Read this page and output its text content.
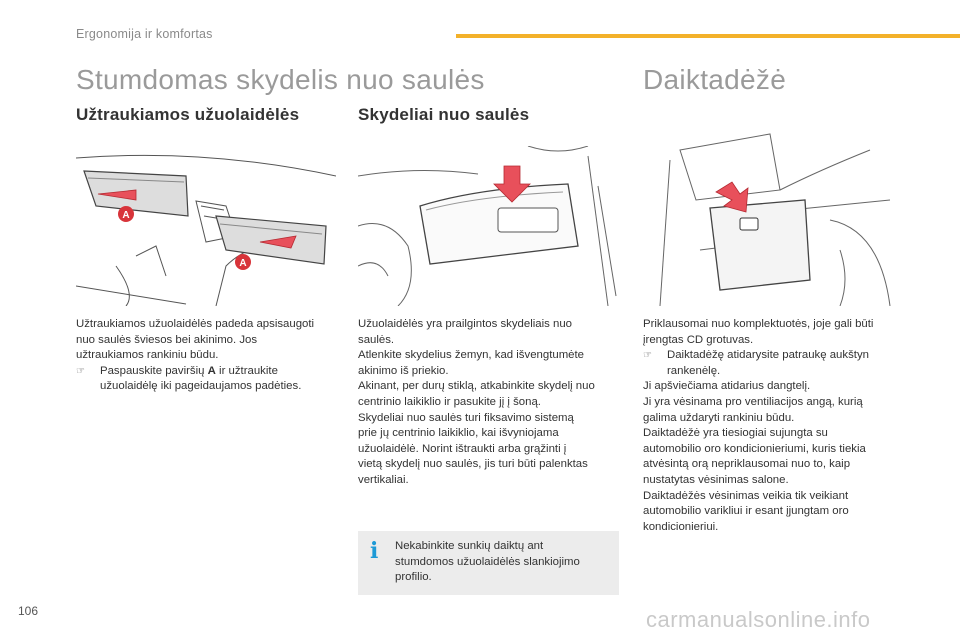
Ergonomija ir komfortas
Stumdomas skydelis nuo saulės	Daiktadėžė
Užtraukiamos užuolaidėlės	Skydeliai nuo saulės
A
A

Užtraukiamos užuolaidėlės padeda apsisaugoti

nuo saulės šviesos bei akinimo. Jos

užtraukiamos rankiniu būdu.

☞ Paspauskite paviršių A ir užtraukite

užuolaidėlę iki pageidaujamos padėties.

Užuolaidėlės yra prailgintos skydeliais nuo

saulės.

Atlenkite skydelius žemyn, kad išvengtumėte

akinimo iš priekio.

Akinant, per durų stiklą, atkabinkite skydelį nuo

centrinio laikiklio ir pasukite jį į šoną.

Skydeliai nuo saulės turi fiksavimo sistemą

prie jų centrinio laikiklio, kai išvyniojama

užuolaidėlė. Norint ištraukti arba grąžinti į

vietą skydelį nuo saulės, jis turi būti palenktas

vertikaliai.

i Nekabinkite sunkių daiktų ant
stumdomos užuolaidėlės slankiojimo
profilio.

Priklausomai nuo komplektuotės, joje gali būti

įrengtas CD grotuvas.

☞ Daiktadėžę atidarysite patraukę aukštyn

rankenėlę.

Ji apšviečiama atidarius dangtelį.

Ji yra vėsinama pro ventiliacijos angą, kurią

galima uždaryti rankiniu būdu.

Daiktadėžė yra tiesiogiai sujungta su

automobilio oro kondicionieriumi, kuris tiekia

atvėsintą orą nepriklausomai nuo to, kaip

nustatytas vėsinimas salone.

Daiktadėžės vėsinimas veikia tik veikiant

automobilio varikliui ir esant įjungtam oro

kondicionieriui.

106	carmanualsonline.info
